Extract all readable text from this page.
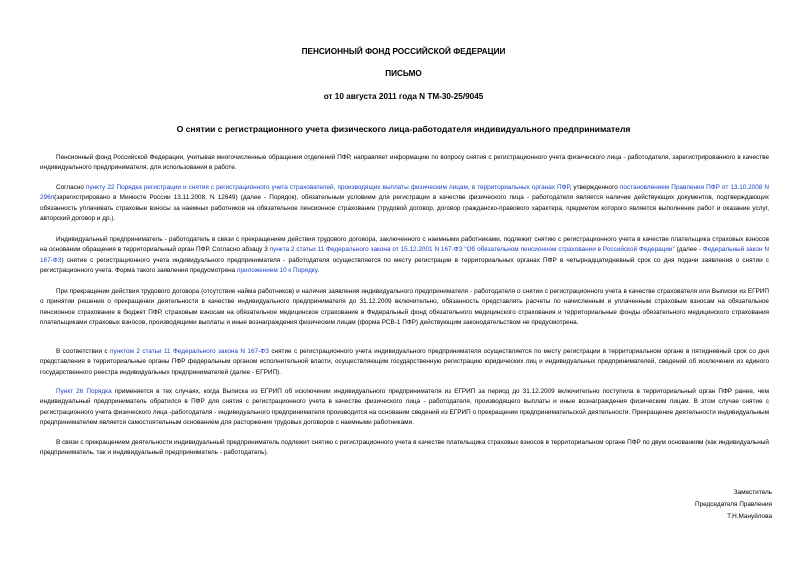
ПЕНСИОННЫЙ ФОНД РОССИЙСКОЙ ФЕДЕРАЦИИ
ПИСЬМО
от 10 августа 2011 года N ТМ-30-25/9045
О снятии с регистрационного учета физического лица-работодателя индивидуального предпринимателя

Пенсионный фонд Российской Федерации, учитывая многочисленные обращения отделений ПФР, направляет информацию по вопросу снятия с регистрационного учета физического лица - работодателя, зарегистрированного в качестве индивидуального предпринимателя, для использования в работе.

Согласно пункту 22 Порядка регистрации и снятия с регистрационного учета страхователей, производящих выплаты физическим лицам, в территориальных органах ПФР, утвержденного постановлением Правления ПФР от 13.10.2008 N 296п(зарегистрировано в Минюсте России 13.11.2008, N 12649) (далее - Порядок), обязательным условием для регистрации в качестве физического лица - работодателя является наличие действующих документов, подтверждающих обязанность уплачивать страховые взносы за наемных работников на обязательное пенсионное страхование (трудовой договор, договор гражданско-правового характера, предметом которого является выполнение работ и оказание услуг, авторский договор и др.).

Индивидуальный предприниматель - работодатель в связи с прекращением действия трудового договора, заключенного с наемными работниками, подлежит снятию с регистрационного учета в качестве плательщика страховых взносов на основании обращения в территориальный орган ПФР. Согласно абзацу 3 пункта 2 статьи 11 Федерального закона от 15.12.2001 N 167-ФЗ "Об обязательном пенсионном страховании в Российской Федерации" (далее - Федеральный закон N 167-ФЗ) снятие с регистрационного учета индивидуального предпринимателя - работодателя осуществляется по месту регистрации в территориальных органах ПФР в четырнадцатидневный срок со дня подачи заявления о снятии с регистрационного учета. Форма такого заявления предусмотрена приложением 10 к Порядку.

При прекращении действия трудового договора (отсутствие найма работников) и наличия заявления индивидуального предпринимателя - работодателя о снятии с регистрационного учета в качестве страхователя или Выписки из ЕГРИП о принятии решения о прекращении деятельности в качестве индивидуального предпринимателя до 31.12.2009 включительно, обязанность представлять расчеты по начисленным и уплаченным страховым взносам на обязательное пенсионное страхование в бюджет ПФР, страховым взносам на обязательное медицинское страхование в Федеральный фонд обязательного медицинского страхования и территориальные фонды обязательного медицинского страхования плательщиками страховых взносов, производящими выплаты и иные вознаграждения физическим лицам (форма РСВ-1 ПФР) действующим законодательством не предусмотрена.

В соответствии с пунктом 2 статьи 11 Федерального закона N 167-ФЗ снятие с регистрационного учета индивидуального предпринимателя осуществляется по месту регистрации в территориальном органе в пятидневный срок со дня представления в территориальные органы ПФР федеральным органом исполнительной власти, осуществляющим государственную регистрацию юридических лиц и индивидуальных предпринимателей, сведений об исключении из единого государственного реестра индивидуальных предпринимателей (далее - ЕГРИП).

Пункт 26 Порядка применяется в тех случаях, когда Выписка из ЕГРИП об исключении индивидуального предпринимателя из ЕГРИП за период до 31.12.2009 включительно поступила в территориальный орган ПФР ранее, чем индивидуальный предприниматель обратился в ПФР для снятия с регистрационного учета в качестве физического лица - работодателя, производящего выплаты и иные вознаграждения физическим лицам. В этом случае снятие с регистрационного учета физического лица -работодателя - индивидуального предпринимателя производится на основании сведений из ЕГРИП о прекращении предпринимательской деятельности. Прекращение деятельности индивидуальным предпринимателем является самостоятельным основанием для расторжения трудовых договоров с наемными работниками.

В связи с прекращением деятельности индивидуальный предприниматель подлежит снятию с регистрационного учета в качестве плательщика страховых взносов в территориальном органе ПФР по двум основаниям (как индивидуальный предприниматель, так и индивидуальный предприниматель - работодатель).

Заместитель
Председателя Правления
Т.Н.Мануйлова
